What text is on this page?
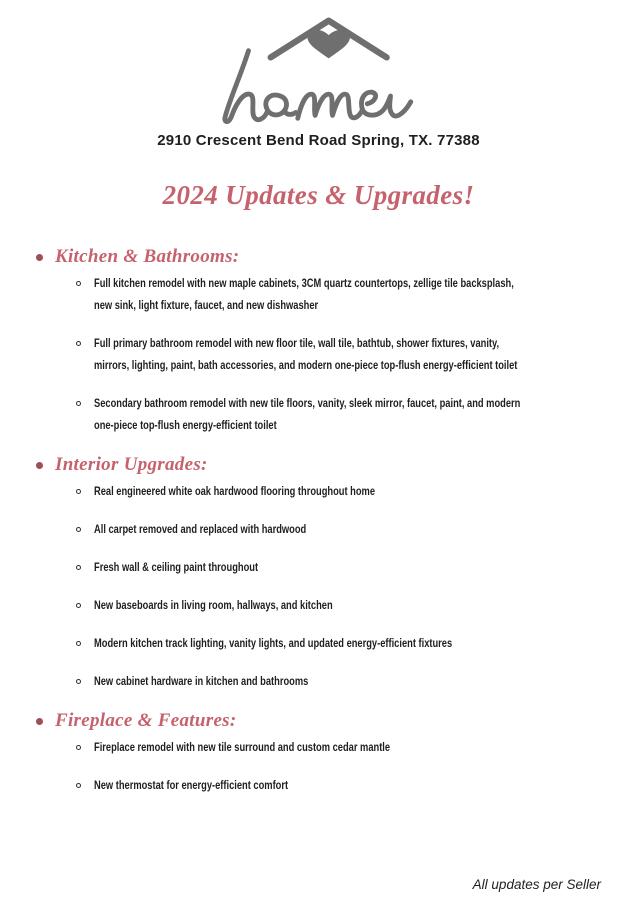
2910 Crescent Bend Road Spring, TX. 77388
2024 Updates & Upgrades!
Kitchen & Bathrooms:

Full kitchen remodel with new maple cabinets, 3CM quartz countertops, zellige tile backsplash, new sink, light fixture, faucet, and new dishwasher

Full primary bathroom remodel with new floor tile, wall tile, bathtub, shower fixtures, vanity, mirrors, lighting, paint, bath accessories, and modern one-piece top-flush energy-efficient toilet

Secondary bathroom remodel with new tile floors, vanity, sleek mirror, faucet, paint, and modern one-piece top-flush energy-efficient toilet

Interior Upgrades:

Real engineered white oak hardwood flooring throughout home

All carpet removed and replaced with hardwood

Fresh wall & ceiling paint throughout

New baseboards in living room, hallways, and kitchen

Modern kitchen track lighting, vanity lights, and updated energy-efficient fixtures

New cabinet hardware in kitchen and bathrooms

Fireplace & Features:

Fireplace remodel with new tile surround and custom cedar mantle

New thermostat for energy-efficient comfort

All updates per Seller
